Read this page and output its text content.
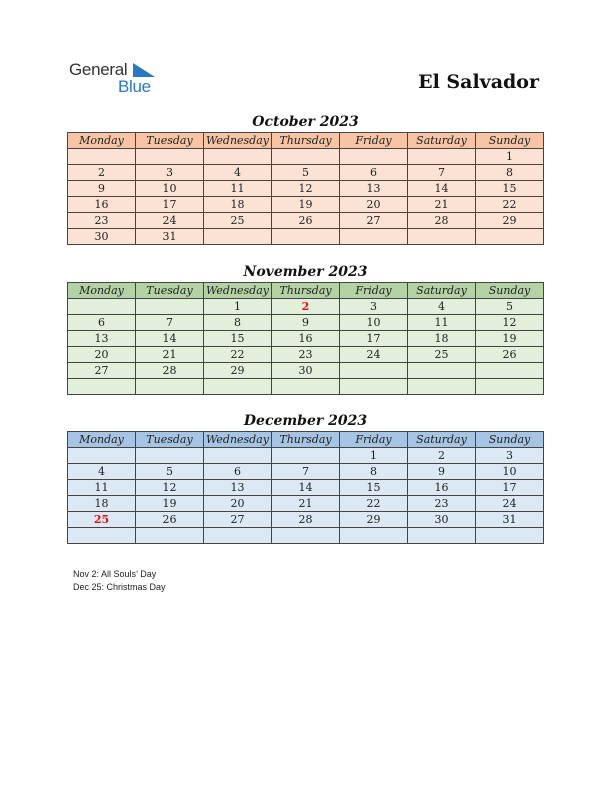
General
Blue	El Salvador
October 2023
Monday	Tuesday	Wednesday	Thursday	Friday	Saturday	Sunday
						1
2	3	4	5	6	7	8
9	10	11	12	13	14	15
16	17	18	19	20	21	22
23	24	25	26	27	28	29
30	31					
November 2023
Monday	Tuesday	Wednesday	Thursday	Friday	Saturday	Sunday
		1	2	3	4	5
6	7	8	9	10	11	12
13	14	15	16	17	18	19
20	21	22	23	24	25	26
27	28	29	30			

December 2023
Monday	Tuesday	Wednesday	Thursday	Friday	Saturday	Sunday
				1	2	3
4	5	6	7	8	9	10
11	12	13	14	15	16	17
18	19	20	21	22	23	24
25	26	27	28	29	30	31

Nov 2: All Souls’ Day
Dec 25: Christmas Day
